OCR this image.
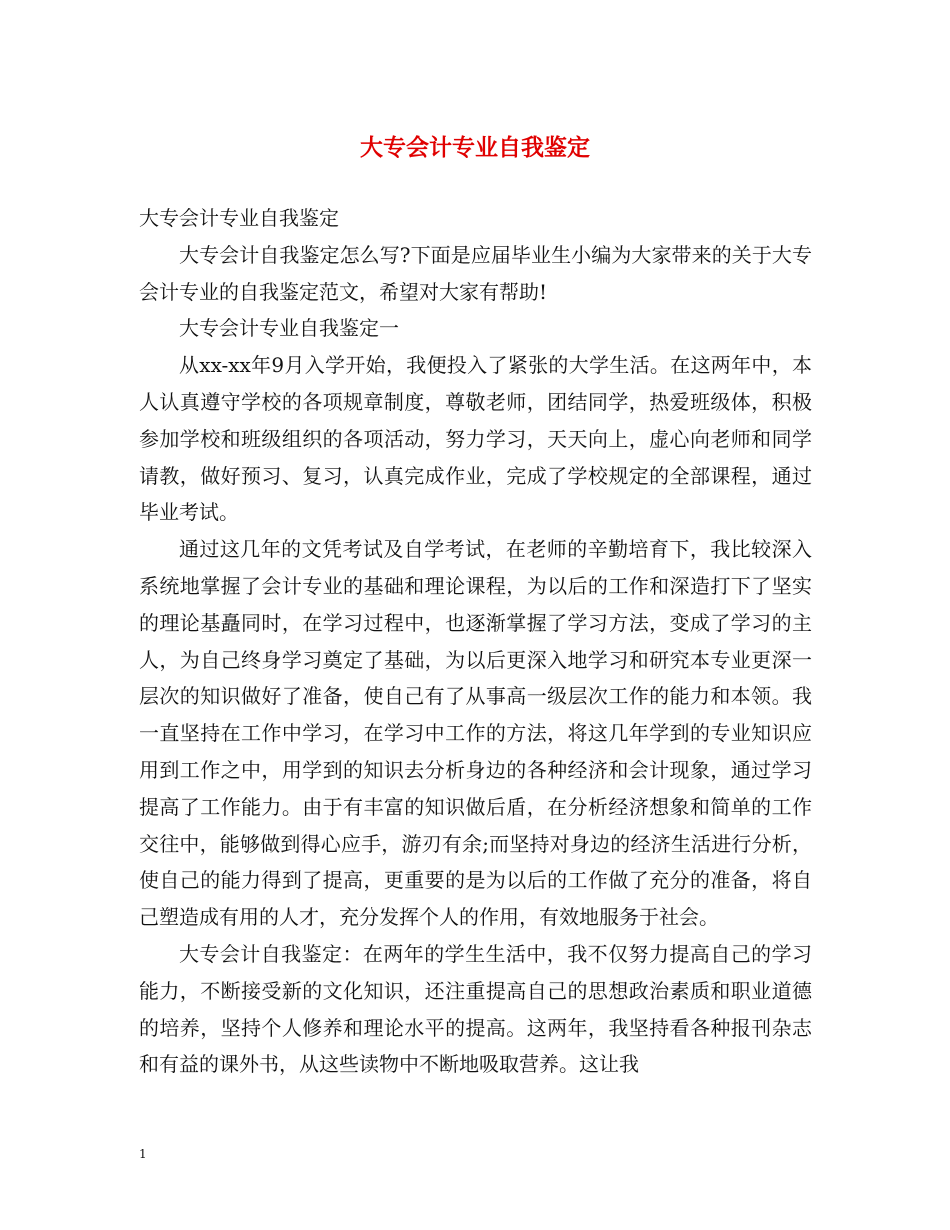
大专会计专业自我鉴定

大专会计专业自我鉴定

大专会计自我鉴定怎么写?下面是应届毕业生小编为大家带来的关于大专会计专业的自我鉴定范文，希望对大家有帮助!

大专会计专业自我鉴定一

从xx-xx年9月入学开始，我便投入了紧张的大学生活。在这两年中，本人认真遵守学校的各项规章制度，尊敬老师，团结同学，热爱班级体，积极参加学校和班级组织的各项活动，努力学习，天天向上，虚心向老师和同学请教，做好预习、复习，认真完成作业，完成了学校规定的全部课程，通过毕业考试。

通过这几年的文凭考试及自学考试，在老师的辛勤培育下，我比较深入系统地掌握了会计专业的基础和理论课程，为以后的工作和深造打下了坚实的理论基矗同时，在学习过程中，也逐渐掌握了学习方法，变成了学习的主人，为自己终身学习奠定了基础，为以后更深入地学习和研究本专业更深一层次的知识做好了准备，使自己有了从事高一级层次工作的能力和本领。我一直坚持在工作中学习，在学习中工作的方法，将这几年学到的专业知识应用到工作之中，用学到的知识去分析身边的各种经济和会计现象，通过学习提高了工作能力。由于有丰富的知识做后盾，在分析经济想象和简单的工作交往中，能够做到得心应手，游刃有余;而坚持对身边的经济生活进行分析，使自己的能力得到了提高，更重要的是为以后的工作做了充分的准备，将自己塑造成有用的人才，充分发挥个人的作用，有效地服务于社会。

大专会计自我鉴定：在两年的学生生活中，我不仅努力提高自己的学习能力，不断接受新的文化知识，还注重提高自己的思想政治素质和职业道德的培养，坚持个人修养和理论水平的提高。这两年，我坚持看各种报刊杂志和有益的课外书，从这些读物中不断地吸取营养。这让我

1
